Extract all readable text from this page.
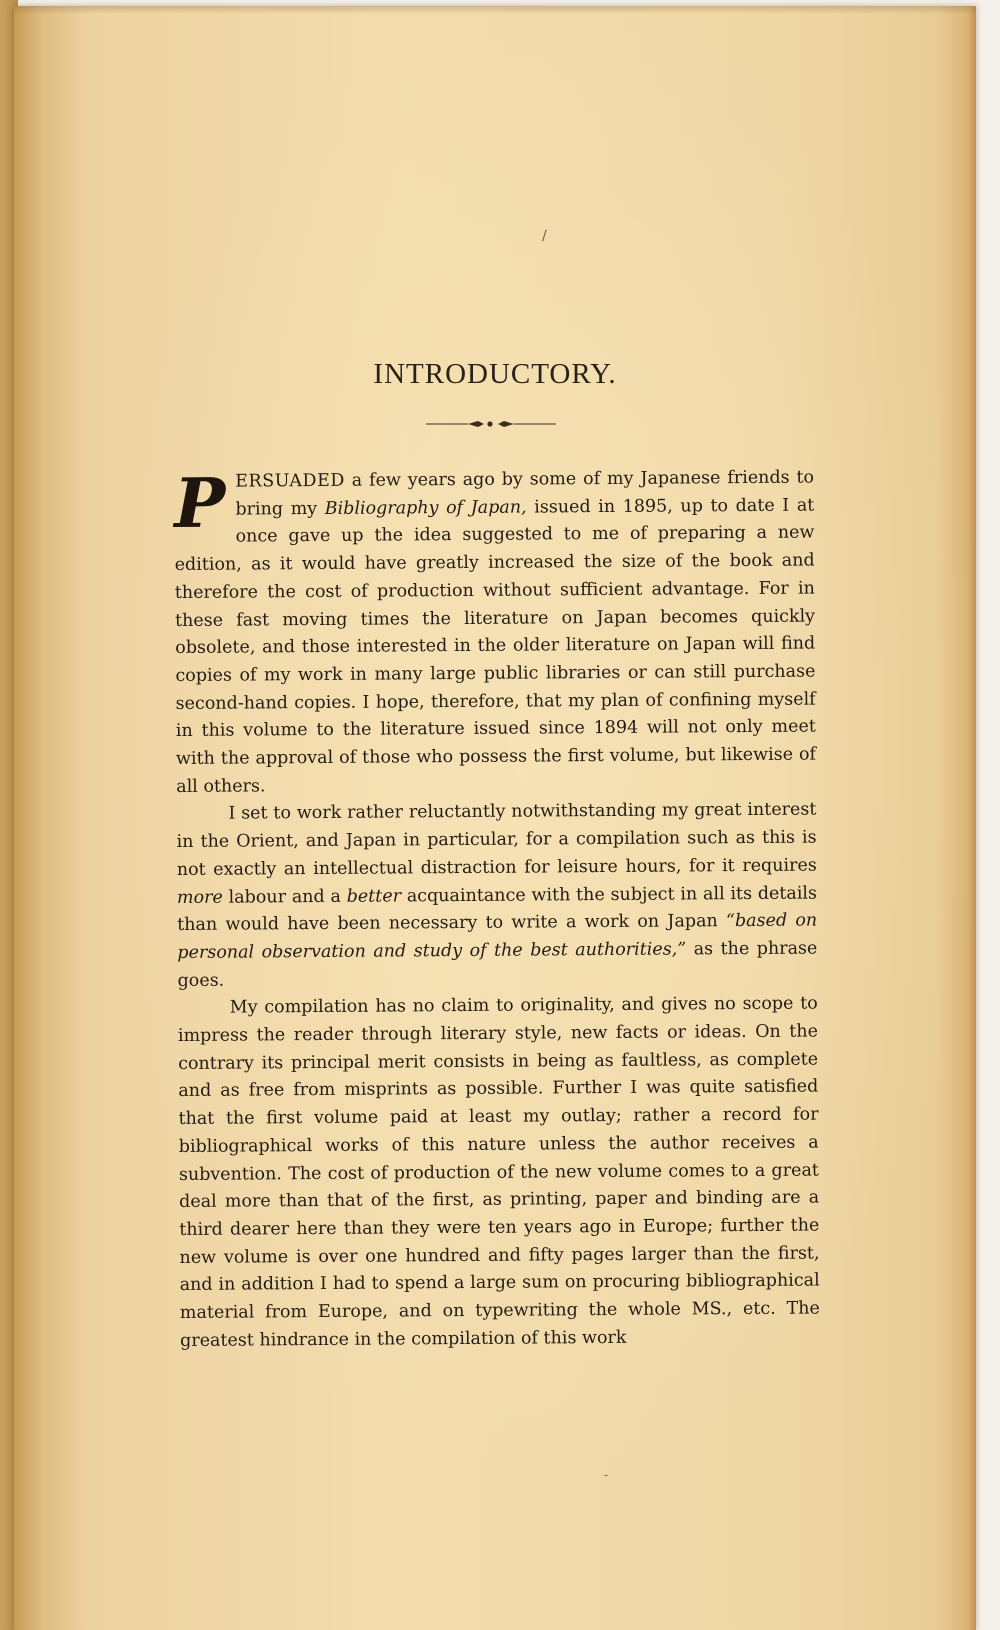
∕
INTRODUCTORY.

PERSUADED a few years ago by some of my Japanese friends to bring my Bibliography of Japan, issued in 1895, up to date I at once gave up the idea suggested to me of preparing a new edition, as it would have greatly increased the size of the book and therefore the cost of production without sufficient advantage. For in these fast moving times the literature on Japan becomes quickly obsolete, and those interested in the older literature on Japan will find copies of my work in many large public libraries or can still purchase second-hand copies. I hope, therefore, that my plan of confining myself in this volume to the literature issued since 1894 will not only meet with the approval of those who possess the first volume, but likewise of all others.

I set to work rather reluctantly notwithstanding my great interest in the Orient, and Japan in particular, for a compilation such as this is not exactly an intellectual distraction for leisure hours, for it requires more labour and a better acquaintance with the subject in all its details than would have been necessary to write a work on Japan “based on personal observation and study of the best authorities,” as the phrase goes.

My compilation has no claim to originality, and gives no scope to impress the reader through literary style, new facts or ideas. On the contrary its principal merit consists in being as faultless, as complete and as free from misprints as possible. Further I was quite satisfied that the first volume paid at least my outlay; rather a record for bibliographical works of this nature unless the author receives a subvention. The cost of production of the new volume comes to a great deal more than that of the first, as printing, paper and binding are a third dearer here than they were ten years ago in Europe; further the new volume is over one hundred and fifty pages larger than the first, and in addition I had to spend a large sum on procuring bibliographical material from Europe, and on typewriting the whole MS., etc. The greatest hindrance in the compilation of this work

-
